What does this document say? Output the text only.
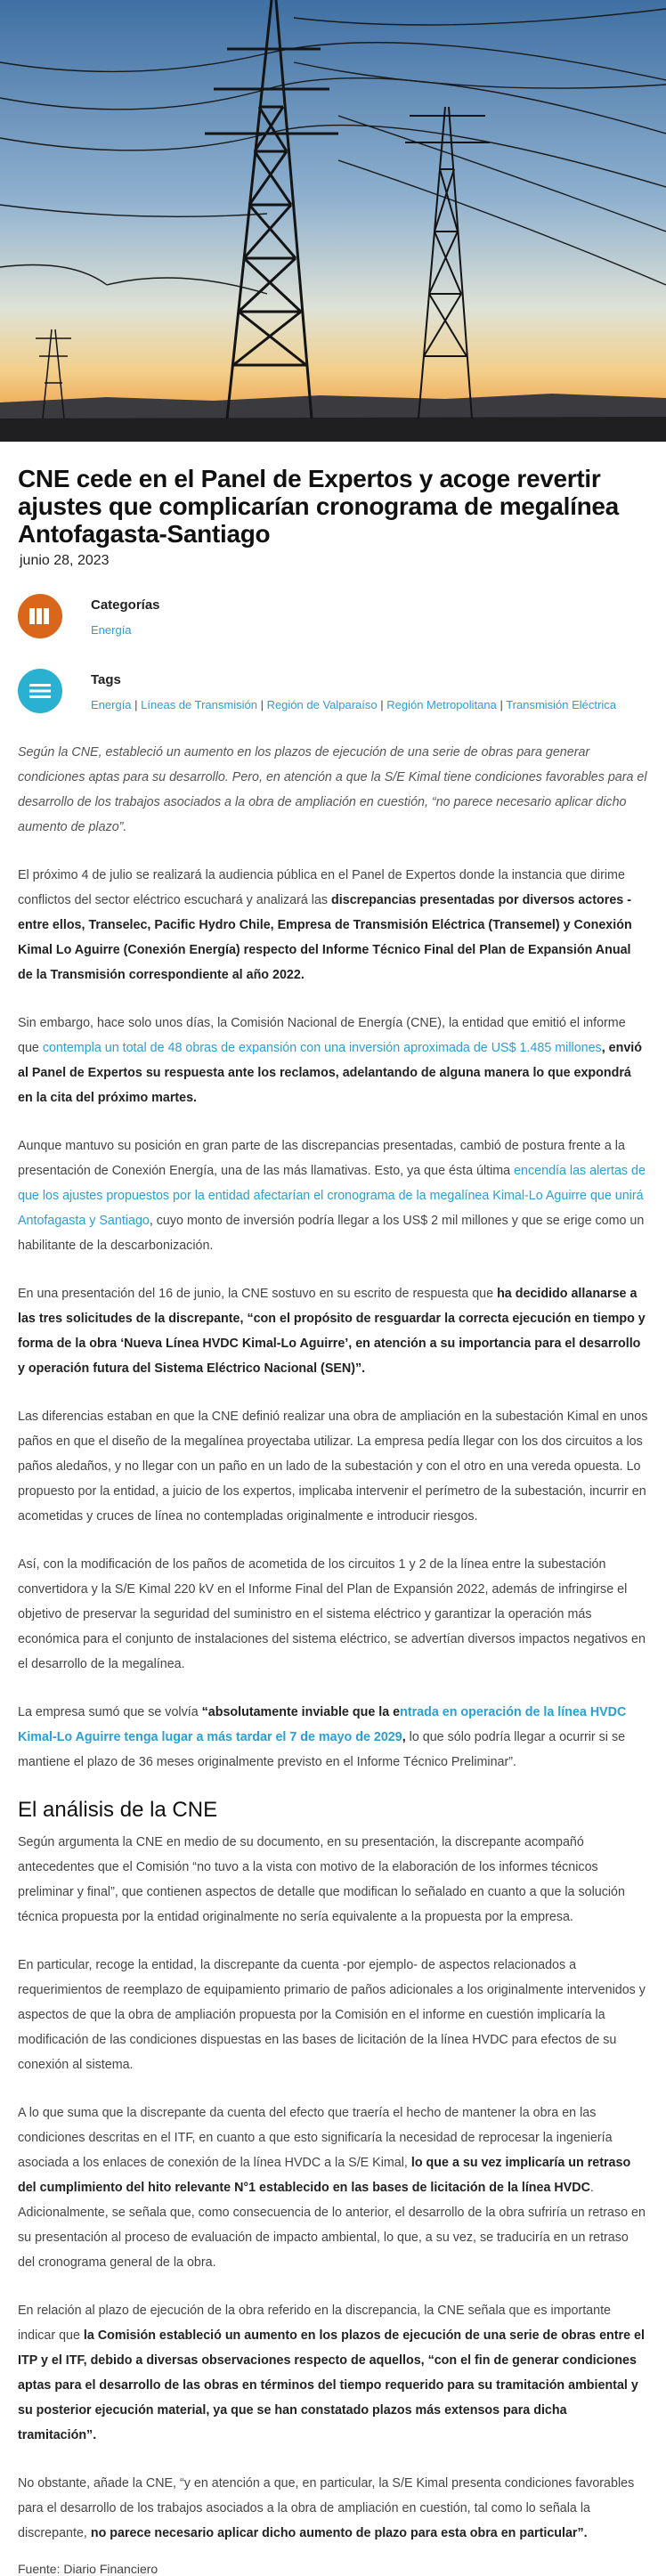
CNE cede en el Panel de Expertos y acoge revertir ajustes que complicarían cronograma de megalínea Antofagasta-Santiago
junio 28, 2023
Categorías
Energía
Tags
Energía | Líneas de Transmisión | Región de Valparaíso | Región Metropolitana | Transmisión Eléctrica

Según la CNE, estableció un aumento en los plazos de ejecución de una serie de obras para generar condiciones aptas para su desarrollo. Pero, en atención a que la S/E Kimal tiene condiciones favorables para el desarrollo de los trabajos asociados a la obra de ampliación en cuestión, “no parece necesario aplicar dicho aumento de plazo”.

El próximo 4 de julio se realizará la audiencia pública en el Panel de Expertos donde la instancia que dirime conflictos del sector eléctrico escuchará y analizará las discrepancias presentadas por diversos actores -entre ellos, Transelec, Pacific Hydro Chile, Empresa de Transmisión Eléctrica (Transemel) y Conexión Kimal Lo Aguirre (Conexión Energía) respecto del Informe Técnico Final del Plan de Expansión Anual de la Transmisión correspondiente al año 2022.

Sin embargo, hace solo unos días, la Comisión Nacional de Energía (CNE), la entidad que emitió el informe que contempla un total de 48 obras de expansión con una inversión aproximada de US$ 1.485 millones, envió al Panel de Expertos su respuesta ante los reclamos, adelantando de alguna manera lo que expondrá en la cita del próximo martes.

Aunque mantuvo su posición en gran parte de las discrepancias presentadas, cambió de postura frente a la presentación de Conexión Energía, una de las más llamativas. Esto, ya que ésta última encendía las alertas de que los ajustes propuestos por la entidad afectarían el cronograma de la megalínea Kimal-Lo Aguirre que unirá Antofagasta y Santiago, cuyo monto de inversión podría llegar a los US$ 2 mil millones y que se erige como un habilitante de la descarbonización.

En una presentación del 16 de junio, la CNE sostuvo en su escrito de respuesta que ha decidido allanarse a las tres solicitudes de la discrepante, “con el propósito de resguardar la correcta ejecución en tiempo y forma de la obra ‘Nueva Línea HVDC Kimal-Lo Aguirre’, en atención a su importancia para el desarrollo y operación futura del Sistema Eléctrico Nacional (SEN)”.

Las diferencias estaban en que la CNE definió realizar una obra de ampliación en la subestación Kimal en unos paños en que el diseño de la megalínea proyectaba utilizar. La empresa pedía llegar con los dos circuitos a los paños aledaños, y no llegar con un paño en un lado de la subestación y con el otro en una vereda opuesta. Lo propuesto por la entidad, a juicio de los expertos, implicaba intervenir el perímetro de la subestación, incurrir en acometidas y cruces de línea no contempladas originalmente e introducir riesgos.

Así, con la modificación de los paños de acometida de los circuitos 1 y 2 de la línea entre la subestación convertidora y la S/E Kimal 220 kV en el Informe Final del Plan de Expansión 2022, además de infringirse el objetivo de preservar la seguridad del suministro en el sistema eléctrico y garantizar la operación más económica para el conjunto de instalaciones del sistema eléctrico, se advertían diversos impactos negativos en el desarrollo de la megalínea.

La empresa sumó que se volvía “absolutamente inviable que la entrada en operación de la línea HVDC Kimal-Lo Aguirre tenga lugar a más tardar el 7 de mayo de 2029, lo que sólo podría llegar a ocurrir si se mantiene el plazo de 36 meses originalmente previsto en el Informe Técnico Preliminar”.

El análisis de la CNE

Según argumenta la CNE en medio de su documento, en su presentación, la discrepante acompañó antecedentes que el Comisión “no tuvo a la vista con motivo de la elaboración de los informes técnicos preliminar y final”, que contienen aspectos de detalle que modifican lo señalado en cuanto a que la solución técnica propuesta por la entidad originalmente no sería equivalente a la propuesta por la empresa.

En particular, recoge la entidad, la discrepante da cuenta -por ejemplo- de aspectos relacionados a requerimientos de reemplazo de equipamiento primario de paños adicionales a los originalmente intervenidos y aspectos de que la obra de ampliación propuesta por la Comisión en el informe en cuestión implicaría la modificación de las condiciones dispuestas en las bases de licitación de la línea HVDC para efectos de su conexión al sistema.

A lo que suma que la discrepante da cuenta del efecto que traería el hecho de mantener la obra en las condiciones descritas en el ITF, en cuanto a que esto significaría la necesidad de reprocesar la ingeniería asociada a los enlaces de conexión de la línea HVDC a la S/E Kimal, lo que a su vez implicaría un retraso del cumplimiento del hito relevante N°1 establecido en las bases de licitación de la línea HVDC. Adicionalmente, se señala que, como consecuencia de lo anterior, el desarrollo de la obra sufriría un retraso en su presentación al proceso de evaluación de impacto ambiental, lo que, a su vez, se traduciría en un retraso del cronograma general de la obra.

En relación al plazo de ejecución de la obra referido en la discrepancia, la CNE señala que es importante indicar que la Comisión estableció un aumento en los plazos de ejecución de una serie de obras entre el ITP y el ITF, debido a diversas observaciones respecto de aquellos, “con el fin de generar condiciones aptas para el desarrollo de las obras en términos del tiempo requerido para su tramitación ambiental y su posterior ejecución material, ya que se han constatado plazos más extensos para dicha tramitación”.

No obstante, añade la CNE, “y en atención a que, en particular, la S/E Kimal presenta condiciones favorables para el desarrollo de los trabajos asociados a la obra de ampliación en cuestión, tal como lo señala la discrepante, no parece necesario aplicar dicho aumento de plazo para esta obra en particular”.

Fuente: Diario Financiero
